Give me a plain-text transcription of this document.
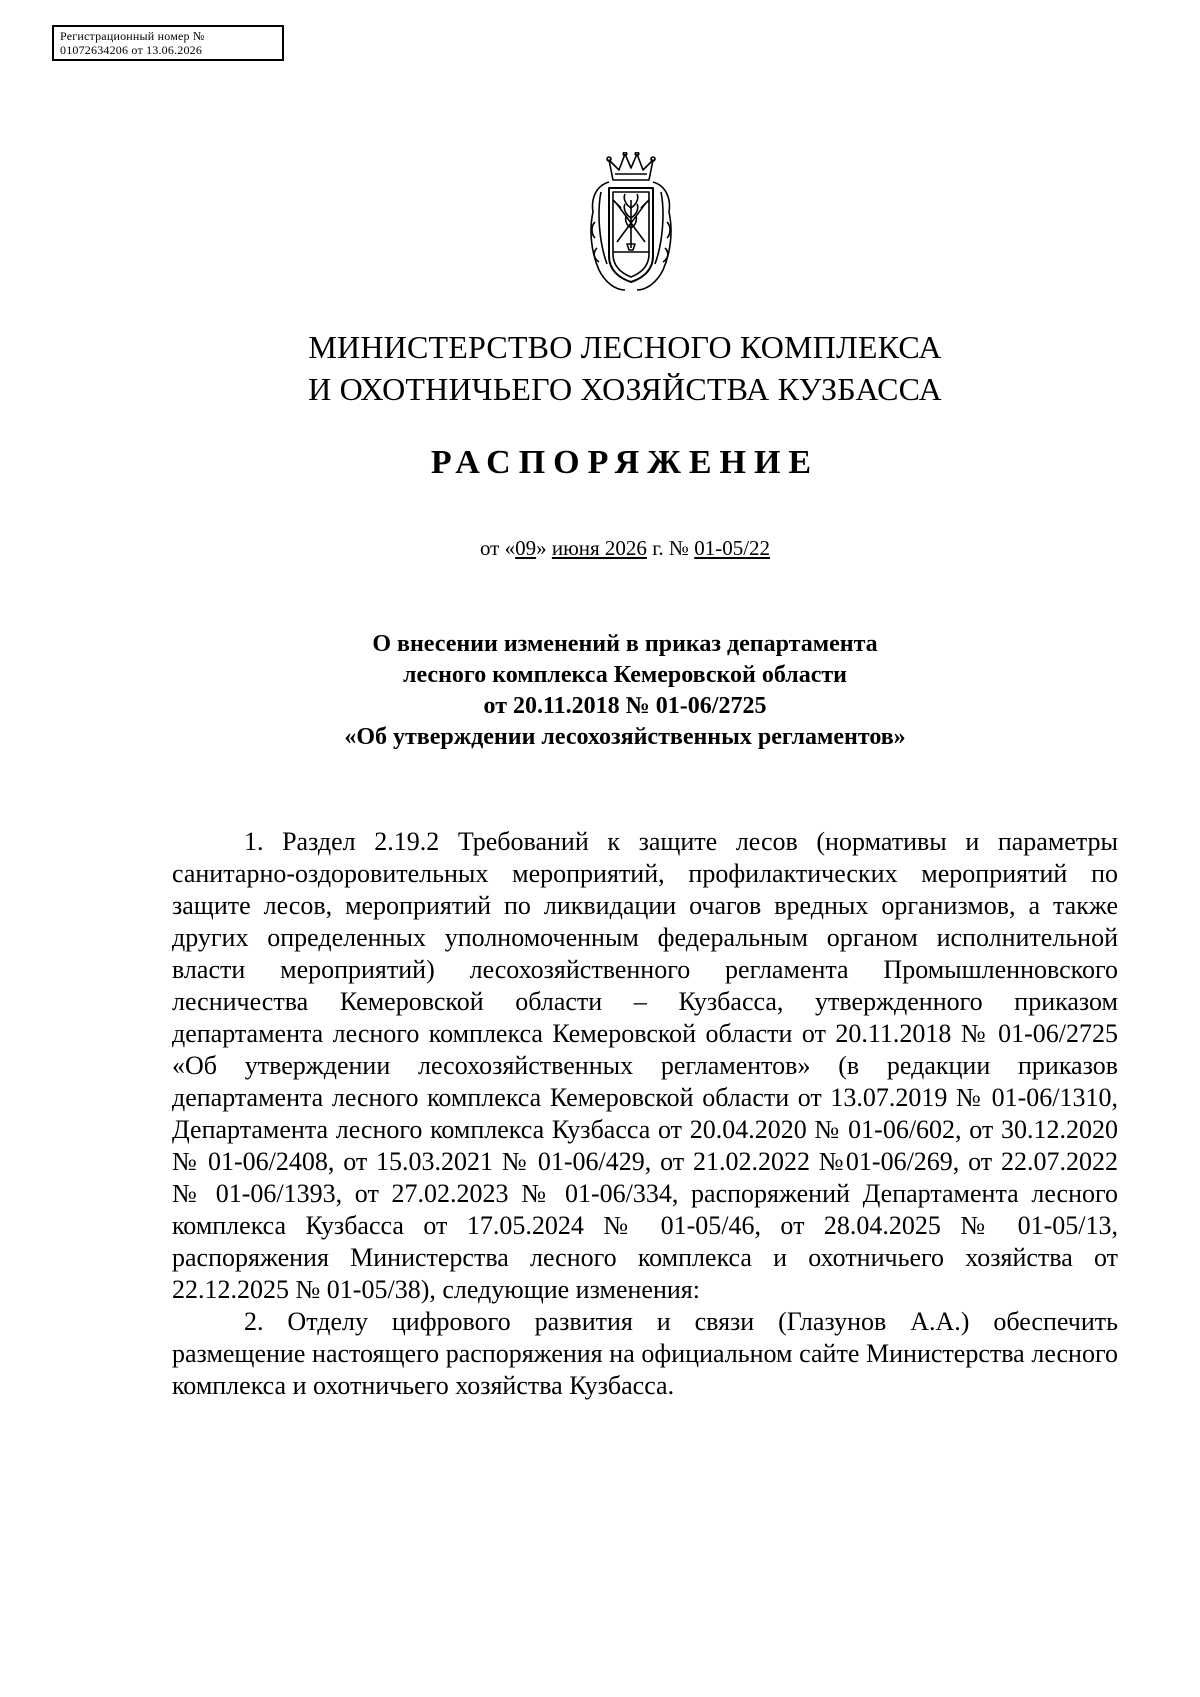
Регистрационный номер №
01072634206 от 13.06.2026
МИНИСТЕРСТВО ЛЕСНОГО КОМПЛЕКСА
И ОХОТНИЧЬЕГО ХОЗЯЙСТВА КУЗБАССА
РАСПОРЯЖЕНИЕ
от «09» июня 2026 г. № 01-05/22
О внесении изменений в приказ департамента
лесного комплекса Кемеровской области
от 20.11.2018 № 01-06/2725
«Об утверждении лесохозяйственных регламентов»

1. Раздел 2.19.2 Требований к защите лесов (нормативы и параметры санитарно-оздоровительных мероприятий, профилактических мероприятий по защите лесов, мероприятий по ликвидации очагов вредных организмов, а также других определенных уполномоченным федеральным органом исполнительной власти мероприятий) лесохозяйственного регламента Промышленновского лесничества Кемеровской области – Кузбасса, утвержденного приказом департамента лесного комплекса Кемеровской области от 20.11.2018 № 01-06/2725 «Об утверждении лесохозяйственных регламентов» (в редакции приказов департамента лесного комплекса Кемеровской области от 13.07.2019 № 01-06/1310, Департамента лесного комплекса Кузбасса от 20.04.2020 № 01-06/602, от 30.12.2020 № 01-06/2408, от 15.03.2021 № 01-06/429, от 21.02.2022 №01-06/269, от 22.07.2022 № 01-06/1393, от 27.02.2023 № 01-06/334, распоряжений Департамента лесного комплекса Кузбасса от 17.05.2024 № 01-05/46, от 28.04.2025 № 01-05/13, распоряжения Министерства лесного комплекса и охотничьего хозяйства от 22.12.2025 № 01-05/38), следующие изменения:

2. Отделу цифрового развития и связи (Глазунов А.А.) обеспечить размещение настоящего распоряжения на официальном сайте Министерства лесного комплекса и охотничьего хозяйства Кузбасса.
